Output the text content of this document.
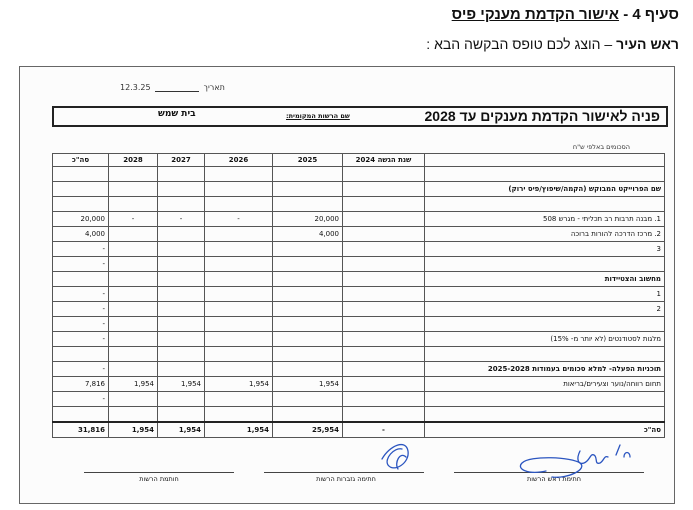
סעיף 4 - אישור הקדמת מענקי פיס
ראש העיר – הוצג לכם טופס הבקשה הבא :
12.3.25	תאריך
פניה לאישור הקדמת מענקים עד 2028
שם הרשות המקומית:
בית שמש
הסכומים באלפי ש"ח
סה"כ	2028	2027	2026	2025	שנת הגשה 2024	

						שם הפרוייקט המבוקש (הקמה/שיפוץ/פיס ירוק)

20,000	-	-	-	20,000		1. מבנה תרבות רב תכליתי - מגרש 508
4,000				4,000		2. מרכז הדרכה להורות ברוכה
-						3
-						
						מחשוב והצטיידות
-						1
-						2
-						
-						מלגות לסטודנטים (לא יותר מ- 15%)

-						תוכניות הפעלה- למלא סכומים בעמודות 2025-2028
7,816	1,954	1,954	1,954	1,954		תחום רווחה/נוער וצעירים/בריאות
-						

31,816	1,954	1,954	1,954	25,954	-	סה"כ
חותמת הרשות	חתימה גזברות הרשות	חתימת ראש הרשות
